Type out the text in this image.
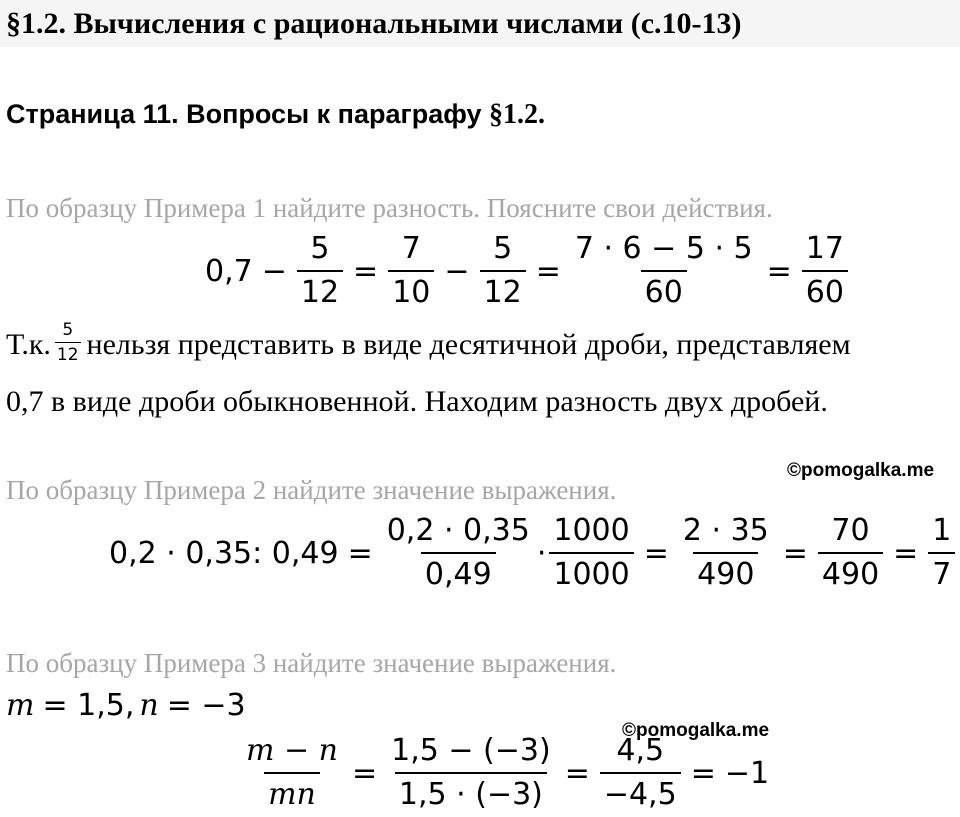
§1.2. Вычисления с рациональными числами (с.10-13)
Страница 11. Вопросы к параграфу §1.2.
По образцу Примера 1 найдите разность. Поясните свои действия.
$0,7 - \frac{5}{12} = \frac{7}{10} - \frac{5}{12} = \frac{7 \cdot 6 - 5 \cdot 5}{60} = \frac{17}{60}$
Т.к. $\frac{5}{12}$ нельзя представить в виде десятичной дроби, представляем
0,7 в виде дроби обыкновенной. Находим разность двух дробей.
©pomogalka.me
По образцу Примера 2 найдите значение выражения.
0,2 · 0,35: $0,49 = \frac{0,2 \cdot 0,35}{0,49} \cdot \frac{1000}{1000} = \frac{2 \cdot 35}{490} = \frac{70}{490} = \frac{1}{7}$
По образцу Примера 3 найдите значение выражения.
m = 1,5, n = −3
©pomogalka.me
$\frac{m - n}{mn} = \frac{1,5 - (-3)}{1,5 \cdot (-3)} = \frac{4,5}{-4,5} = -1$
